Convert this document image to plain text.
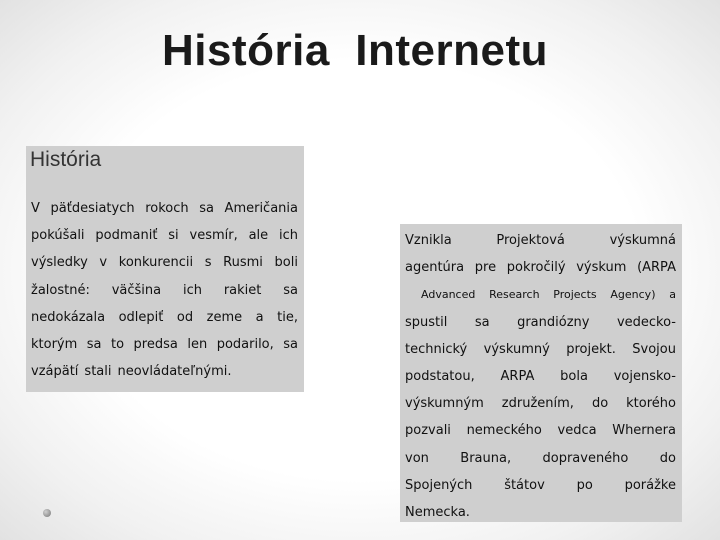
História  Internetu
História
V päťdesiatych rokoch sa Američania
pokúšali podmaniť si vesmír, ale ich
výsledky v konkurencii s Rusmi boli
žalostné: väčšina ich rakiet sa
nedokázala odlepiť od zeme a tie,
ktorým sa to predsa len podarilo, sa
vzápätí stali neovládateľnými.
Vznikla	Projektová	výskumná
agentúra pre pokročilý výskum (ARPA
Advanced Research Projects Agency) a
spustil sa grandiózny vedecko-
technický výskumný projekt. Svojou
podstatou, ARPA bola vojensko-
výskumným združením, do ktorého
pozvali nemeckého vedca Whernera
von Brauna, dopraveného do
Spojených štátov po porážke
Nemecka.
